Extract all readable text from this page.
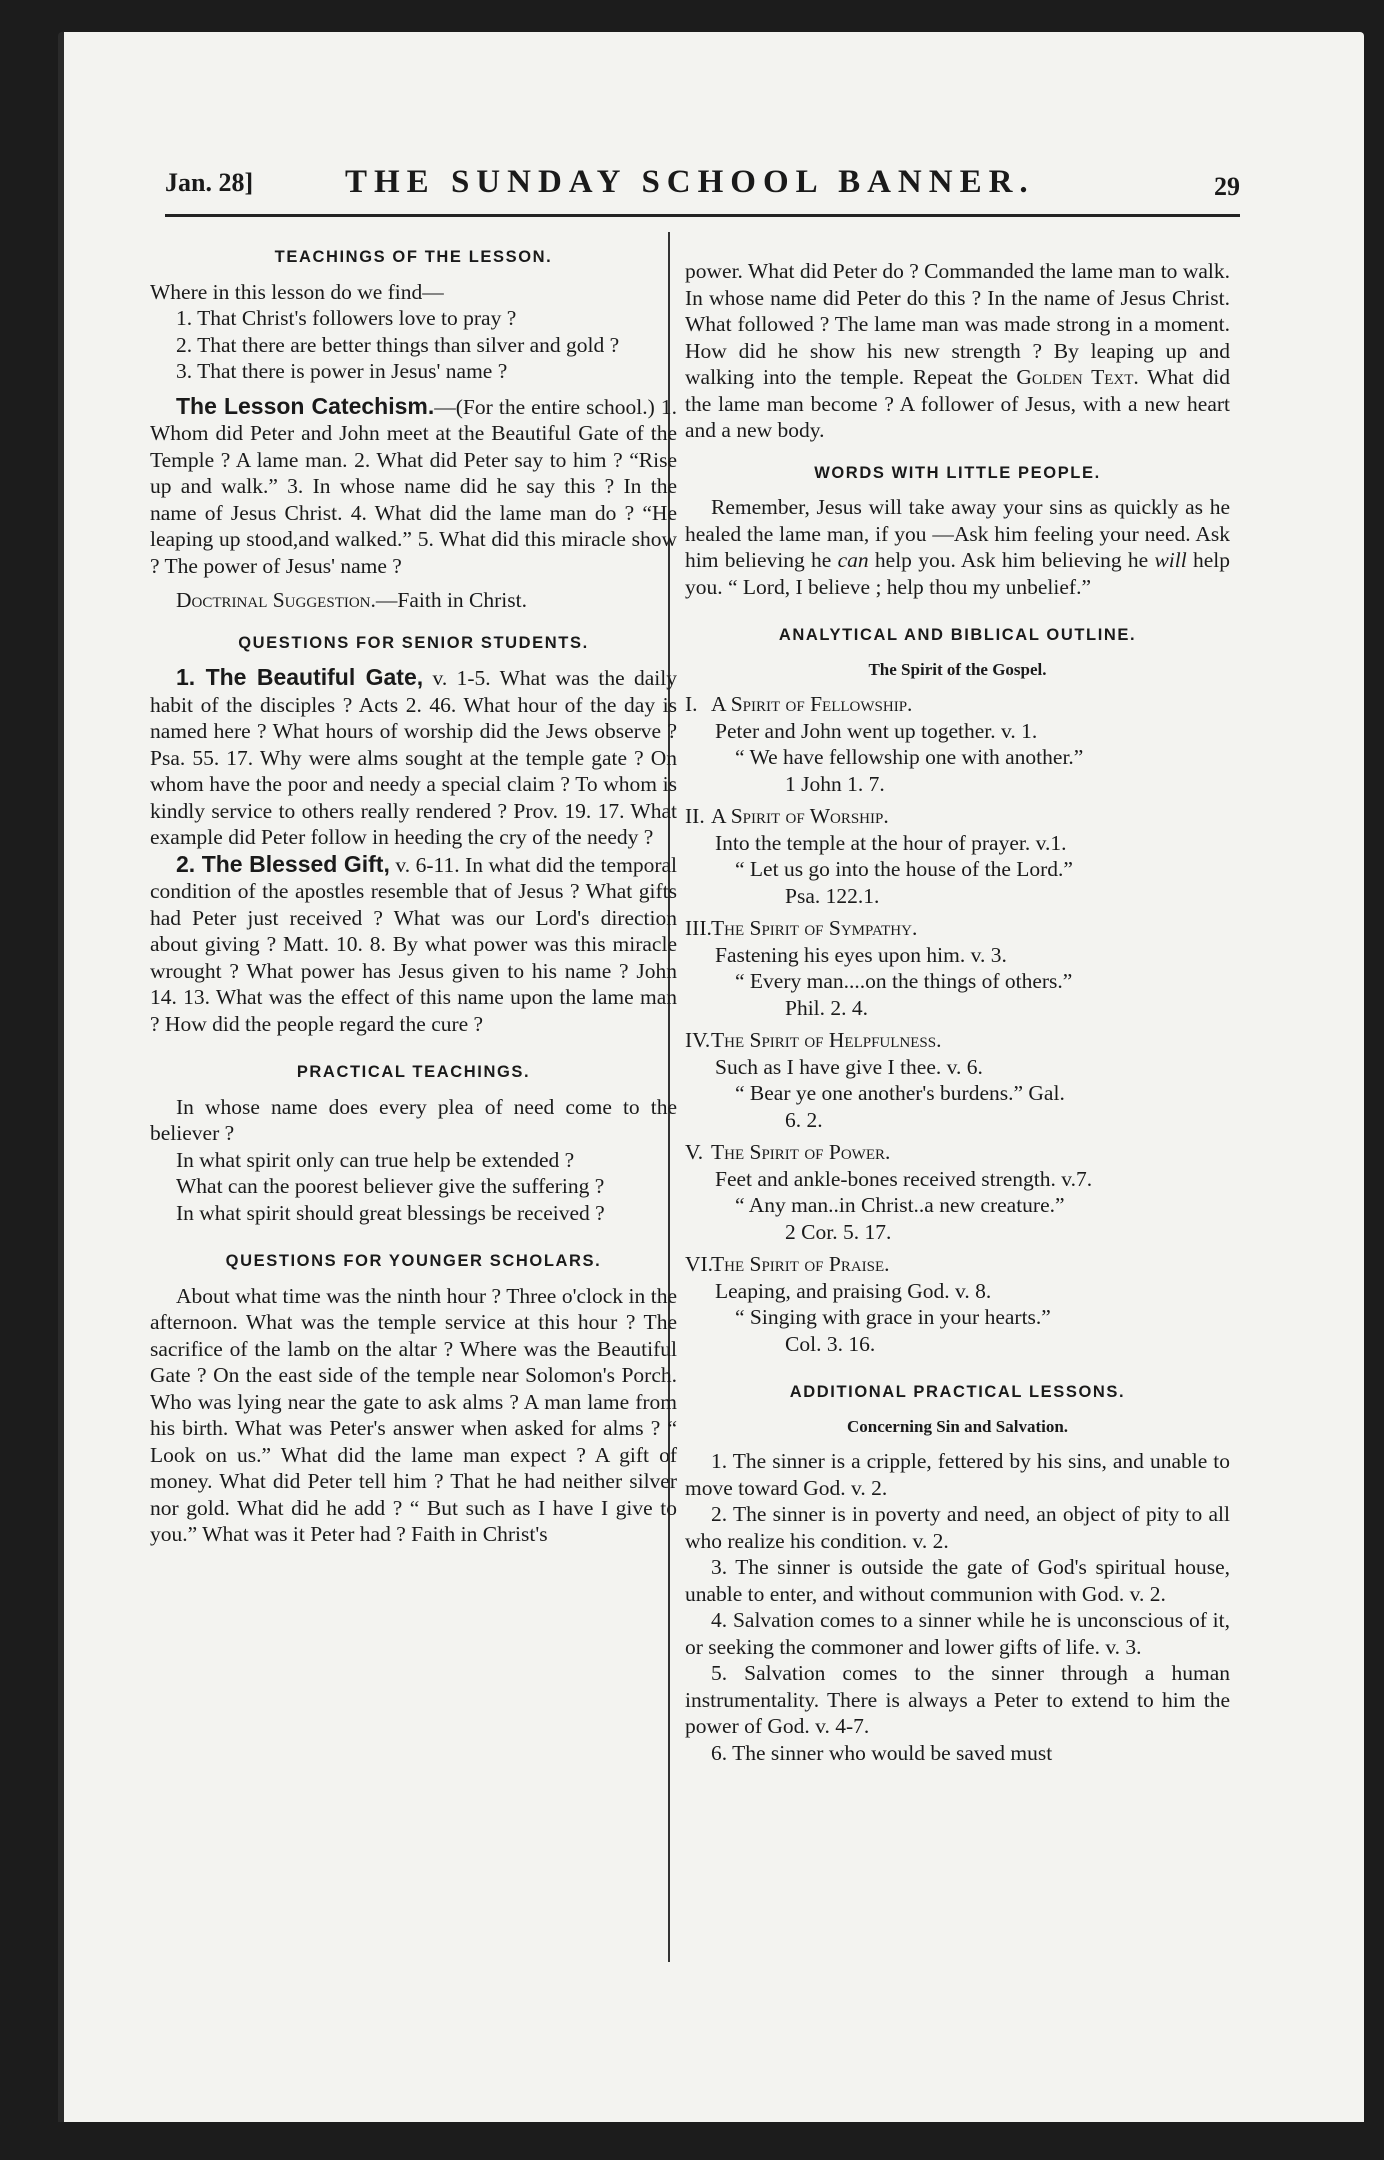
Jan. 28]	THE SUNDAY SCHOOL BANNER.	29
TEACHINGS OF THE LESSON.

Where in this lesson do we find—

1. That Christ's followers love to pray ?

2. That there are better things than silver and gold ?

3. That there is power in Jesus' name ?

The Lesson Catechism.—(For the entire school.) 1. Whom did Peter and John meet at the Beautiful Gate of the Temple ? A lame man. 2. What did Peter say to him ? “Rise up and walk.” 3. In whose name did he say this ? In the name of Jesus Christ. 4. What did the lame man do ? “He leaping up stood,and walked.” 5. What did this miracle show ? The power of Jesus' name ?

Doctrinal Suggestion.—Faith in Christ.

QUESTIONS FOR SENIOR STUDENTS.

1. The Beautiful Gate, v. 1-5. What was the daily habit of the disciples ? Acts 2. 46. What hour of the day is named here ? What hours of worship did the Jews observe ? Psa. 55. 17. Why were alms sought at the temple gate ? On whom have the poor and needy a special claim ? To whom is kindly service to others really rendered ? Prov. 19. 17. What example did Peter follow in heeding the cry of the needy ?

2. The Blessed Gift, v. 6-11. In what did the temporal condition of the apostles resemble that of Jesus ? What gifts had Peter just received ? What was our Lord's direction about giving ? Matt. 10. 8. By what power was this miracle wrought ? What power has Jesus given to his name ? John 14. 13. What was the effect of this name upon the lame man ? How did the people regard the cure ?

PRACTICAL TEACHINGS.

In whose name does every plea of need come to the believer ?

In what spirit only can true help be extended ?

What can the poorest believer give the suffering ?

In what spirit should great blessings be received ?

QUESTIONS FOR YOUNGER SCHOLARS.

About what time was the ninth hour ? Three o'clock in the afternoon. What was the temple service at this hour ? The sacrifice of the lamb on the altar ? Where was the Beautiful Gate ? On the east side of the temple near Solomon's Porch. Who was lying near the gate to ask alms ? A man lame from his birth. What was Peter's answer when asked for alms ? “ Look on us.” What did the lame man expect ? A gift of money. What did Peter tell him ? That he had neither silver nor gold. What did he add ? “ But such as I have I give to you.” What was it Peter had ? Faith in Christ's

power. What did Peter do ? Commanded the lame man to walk. In whose name did Peter do this ? In the name of Jesus Christ. What followed ? The lame man was made strong in a moment. How did he show his new strength ? By leaping up and walking into the temple. Repeat the Golden Text. What did the lame man become ? A follower of Jesus, with a new heart and a new body.

WORDS WITH LITTLE PEOPLE.

Remember, Jesus will take away your sins as quickly as he healed the lame man, if you —Ask him feeling your need. Ask him believing he can help you. Ask him believing he will help you. “ Lord, I believe ; help thou my unbelief.”

ANALYTICAL AND BIBLICAL OUTLINE.
The Spirit of the Gospel.
I. A Spirit of Fellowship.
Peter and John went up together. v. 1.
“ We have fellowship one with another.”
1 John 1. 7.
II. A Spirit of Worship.
Into the temple at the hour of prayer. v.1.
“ Let us go into the house of the Lord.”
Psa. 122.1.
III.The Spirit of Sympathy.
Fastening his eyes upon him. v. 3.
“ Every man....on the things of others.”
Phil. 2. 4.
IV.The Spirit of Helpfulness.
Such as I have give I thee. v. 6.
“ Bear ye one another's burdens.” Gal.
6. 2.
V. The Spirit of Power.
Feet and ankle-bones received strength. v.7.
“ Any man..in Christ..a new creature.”
2 Cor. 5. 17.
VI.The Spirit of Praise.
Leaping, and praising God. v. 8.
“ Singing with grace in your hearts.”
Col. 3. 16.
ADDITIONAL PRACTICAL LESSONS.
Concerning Sin and Salvation.

1. The sinner is a cripple, fettered by his sins, and unable to move toward God. v. 2.

2. The sinner is in poverty and need, an object of pity to all who realize his condition. v. 2.

3. The sinner is outside the gate of God's spiritual house, unable to enter, and without communion with God. v. 2.

4. Salvation comes to a sinner while he is unconscious of it, or seeking the commoner and lower gifts of life. v. 3.

5. Salvation comes to the sinner through a human instrumentality. There is always a Peter to extend to him the power of God. v. 4-7.

6. The sinner who would be saved must
